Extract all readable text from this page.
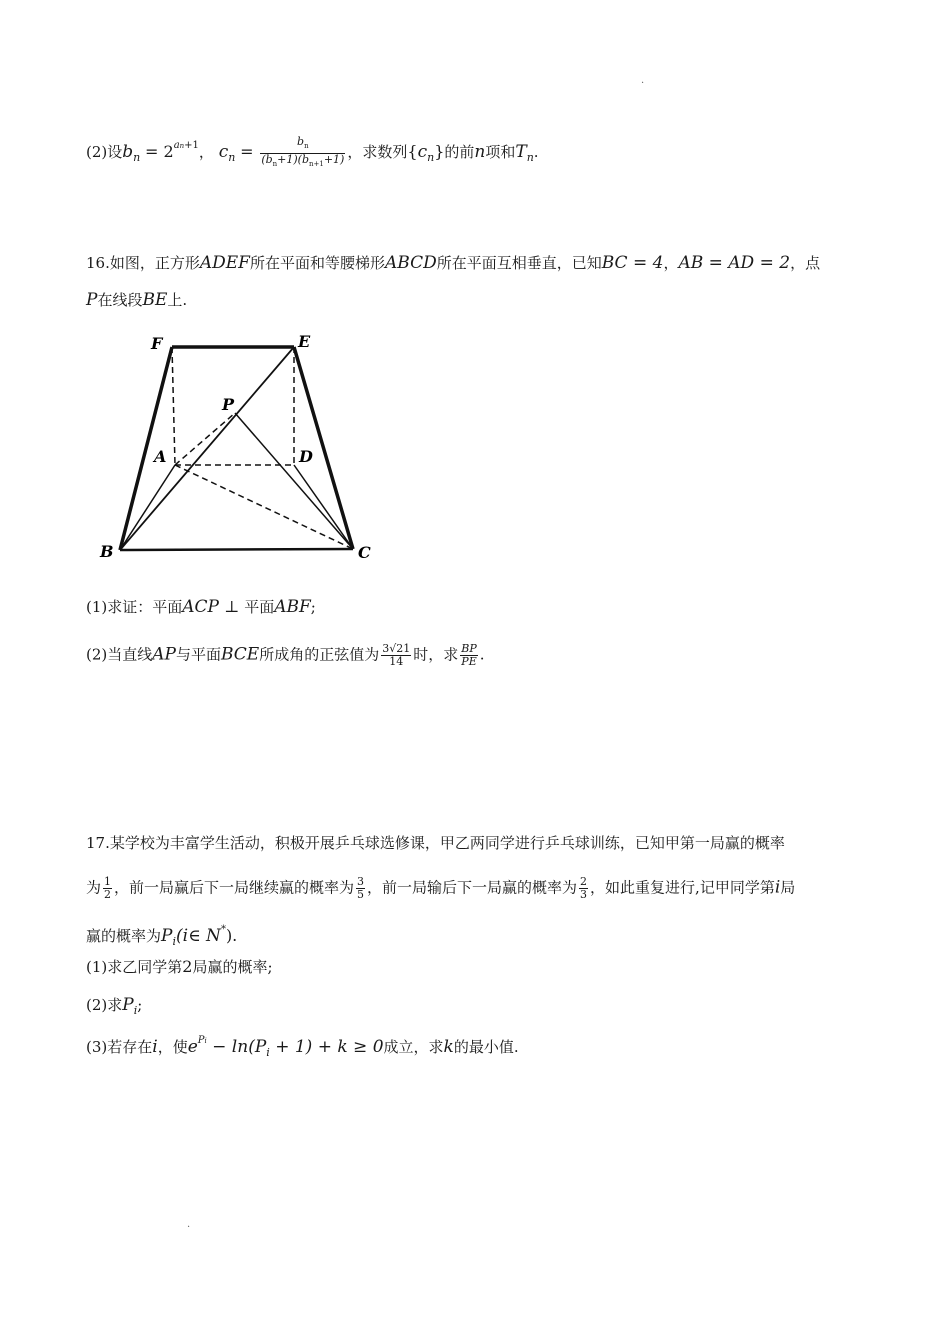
·
(2)设$b_n = 2^{an+1}$， $c_n = \frac{b_n}{(b_n+1)(b_{n+1}+1)}$ ，求数列$\{c_n\}$的前n项和$T_n$.
16.如图，正方形ADEF所在平面和等腰梯形ABCD所在平面互相垂直，已知BC = 4，AB = AD = 2，点
P在线段BE上.
F	E
P
A	D
B	C
(1)求证：平面ACP ⊥ 平面ABF;
(2)当直线AP与平面BCE所成角的正弦值为 $\frac{3√21}{14}$ 时，求 $\frac{BP}{PE}$ .
17.某学校为丰富学生活动，积极开展乒乓球选修课，甲乙两同学进行乒乓球训练，已知甲第一局赢的概率
为 $\frac{1}{2}$ ，前一局赢后下一局继续赢的概率为 $\frac{3}{5}$ ，前一局输后下一局赢的概率为 $\frac{2}{3}$ ，如此重复进行,记甲同学第i局
赢的概率为$P_i(i\in$ N*).
(1)求乙同学第2局赢的概率;
(2)求$P_i$;
(3)若存在i，使$e^{Pi} - \ln(P_i + 1) + k \ge 0$成立，求k的最小值.
·
